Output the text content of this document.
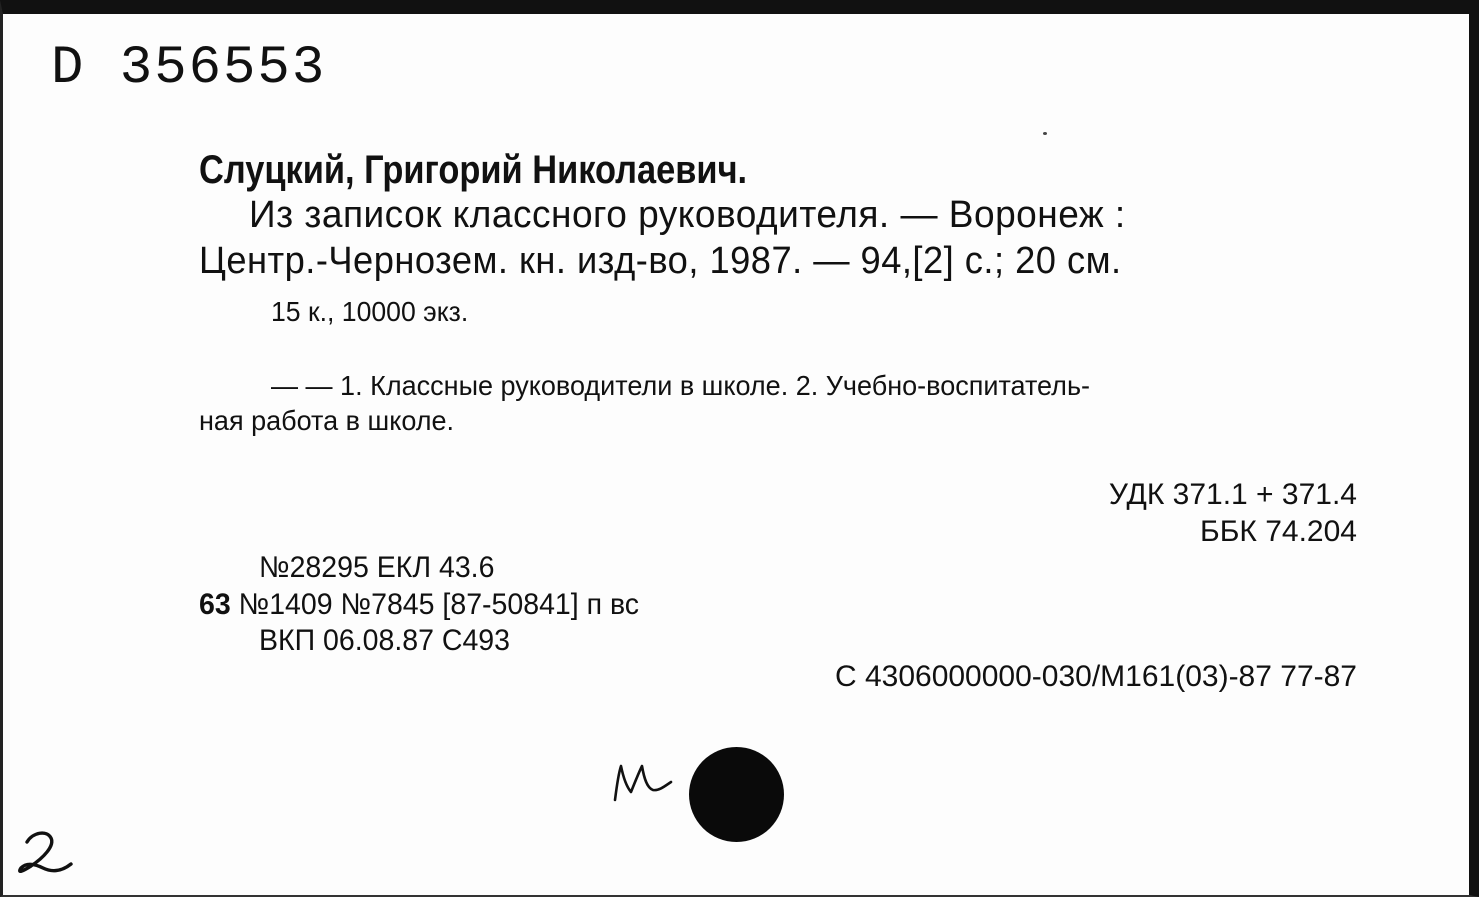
D 356553
Слуцкий, Григорий Николаевич.
Из записок классного руководителя. — Воронеж :
Центр.-Чернозем. кн. изд-во, 1987. — 94,[2] с.; 20 см.
15 к., 10000 экз.
— — 1. Классные руководители в школе. 2. Учебно-воспитатель-
ная работа в школе.
УДК 371.1 + 371.4
ББК 74.204
№28295 ЕКЛ 43.6
63 №1409 №7845 [87-50841] п вс
ВКП 06.08.87 С493
С 4306000000-030/М161(03)-87 77-87
